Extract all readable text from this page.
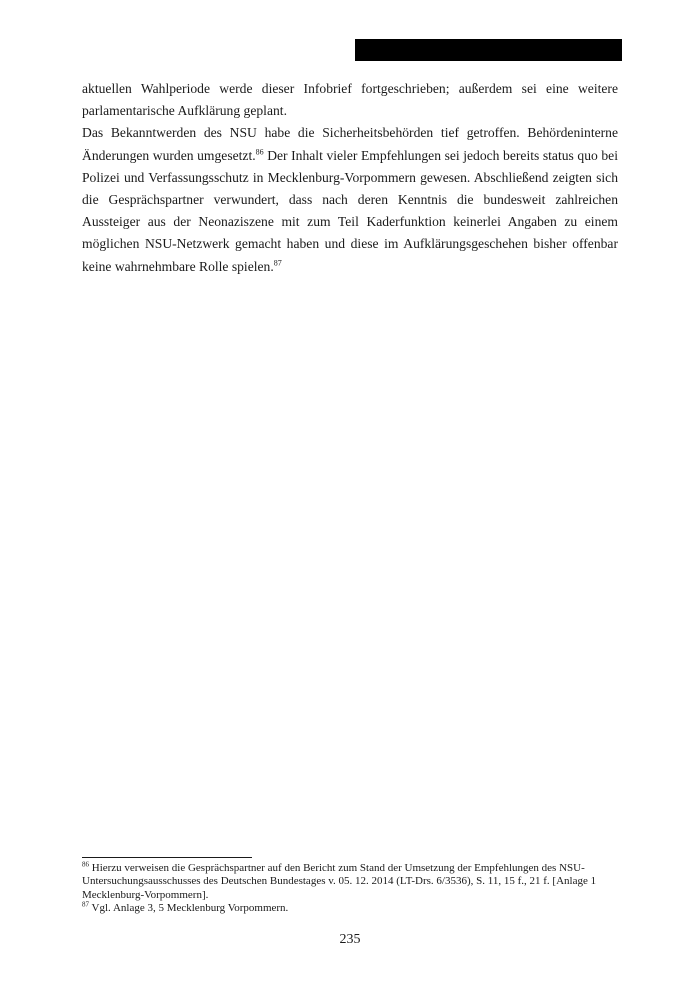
aktuellen Wahlperiode werde dieser Infobrief fortgeschrieben; außerdem sei eine weitere parlamentarische Aufklärung geplant.

Das Bekanntwerden des NSU habe die Sicherheitsbehörden tief getroffen. Behördeninterne Änderungen wurden umgesetzt.$^{86}$ Der Inhalt vieler Empfehlungen sei jedoch bereits status quo bei Polizei und Verfassungsschutz in Mecklenburg-Vorpommern gewesen. Abschließend zeigten sich die Gesprächspartner verwundert, dass nach deren Kenntnis die bundesweit zahlreichen Aussteiger aus der Neonaziszene mit zum Teil Kaderfunktion keinerlei Angaben zu einem möglichen NSU-Netzwerk gemacht haben und diese im Aufklärungsgeschehen bisher offenbar keine wahrnehmbare Rolle spielen.$^{87}$

$^{86}$ Hierzu verweisen die Gesprächspartner auf den Bericht zum Stand der Umsetzung der Empfehlungen des NSU-Untersuchungsausschusses des Deutschen Bundestages v. 05. 12. 2014 (LT-Drs. 6/3536), S. 11, 15 f., 21 f. [Anlage 1 Mecklenburg-Vorpommern].

$^{87}$ Vgl. Anlage 3, 5 Mecklenburg Vorpommern.

235
